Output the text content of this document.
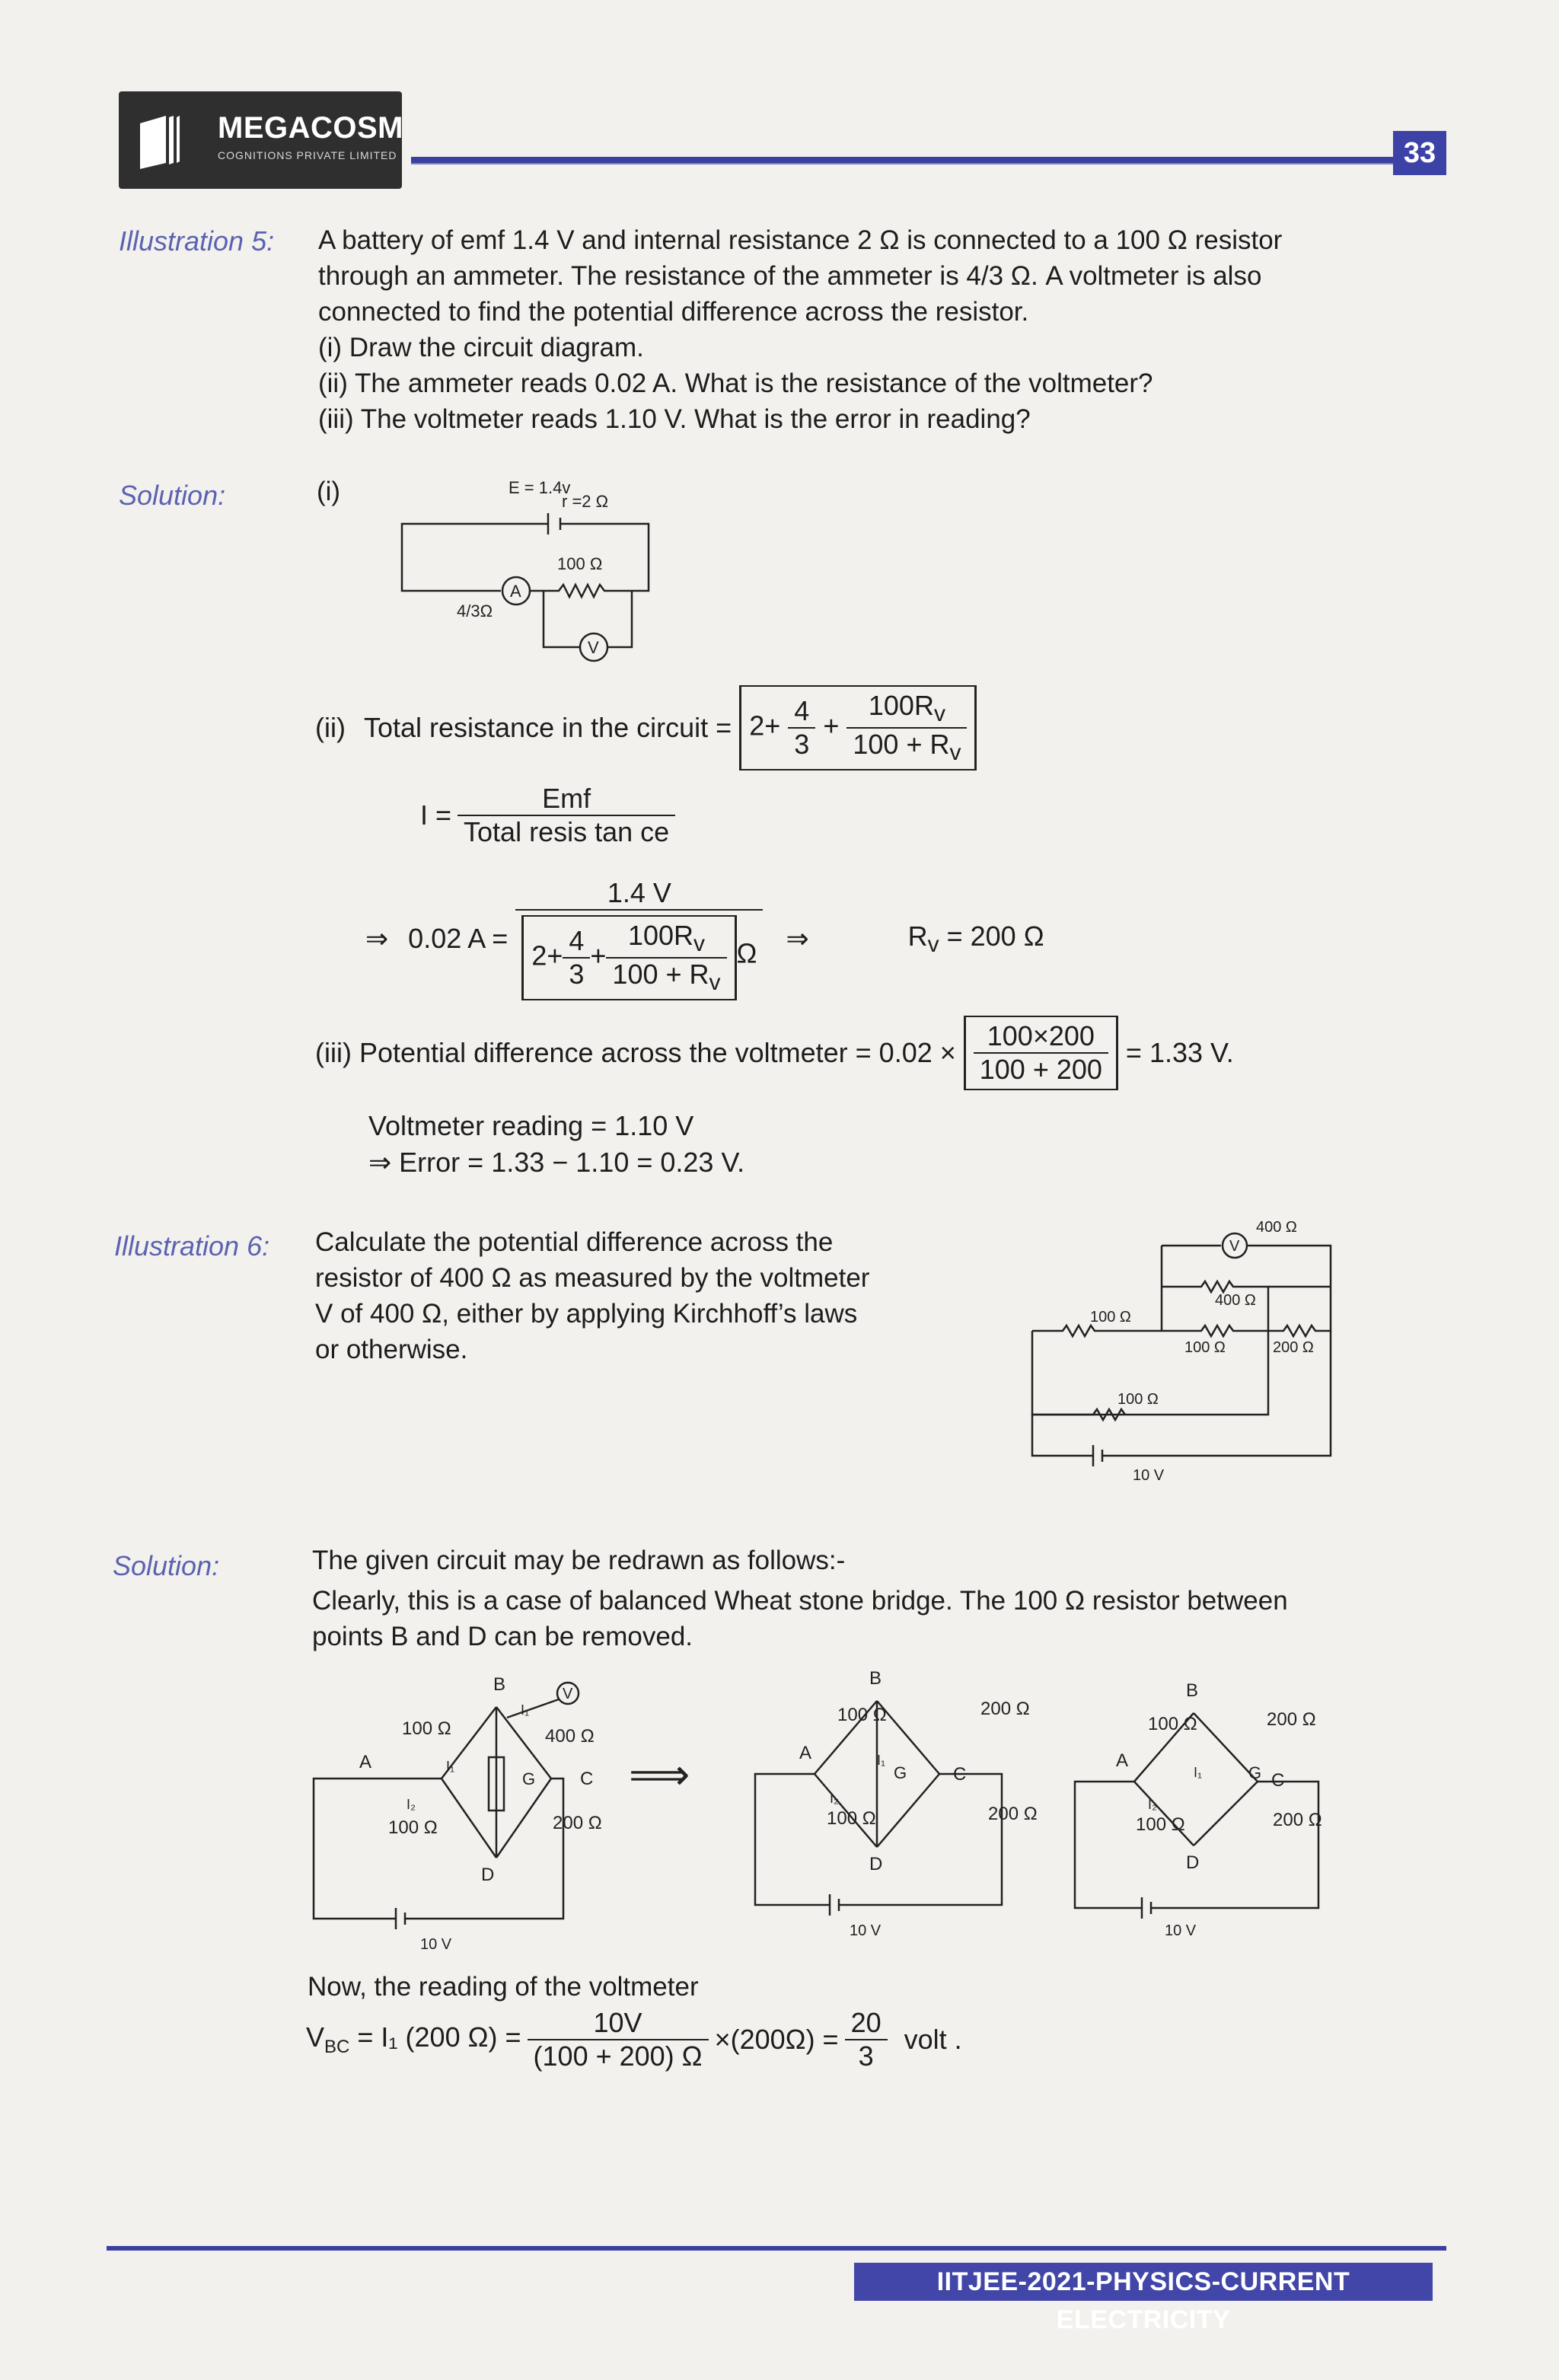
MEGACOSM
COGNITIONS PRIVATE LIMITED	33
Illustration 5: A battery of emf 1.4 V and internal resistance 2 Ω is connected to a 100 Ω resistor
through an ammeter. The resistance of the ammeter is 4/3 Ω. A voltmeter is also
connected to find the potential difference across the resistor.
(i) Draw the circuit diagram.
(ii) The ammeter reads 0.02 A. What is the resistance of the voltmeter?
(iii) The voltmeter reads 1.10 V. What is the error in reading?
Solution:	(i)	E = 1.4v
r =2 Ω
A
V
100 Ω
4/3Ω
(ii) Total resistance in the circuit = $2+ \frac{4}{3} + \frac{100R_v}{100 + R_v}$
$I = \frac{\text{Emf}}{\text{Total resis tan ce}}$
⇒ 0.02 $A = \frac{1.4 V}{2+ \frac{4}{3} + \frac{100R_v}{100 + R_v} \Omega}$ ⇒	$R_v = 200$ Ω
(iii) Potential difference across the voltmeter = $0.02 \times \frac{100\times 200}{100 + 200} = 1.33$ V.
Voltmeter reading = 1.10 V
⇒ Error = 1.33 − 1.10 = 0.23 V.
Illustration 6: Calculate the potential difference across the
resistor of 400 Ω as measured by the voltmeter
V of 400 Ω, either by applying Kirchhoff’s laws
or otherwise.
400 Ω
V
400 Ω
100 Ω
100 Ω	200 Ω
100 Ω
10 V
Solution:	The given circuit may be redrawn as follows:-
Clearly, this is a case of balanced Wheat stone bridge. The 100 Ω resistor between
points B and D can be removed.
B
A
C
D
G
V
100 Ω	400 Ω
100 Ω	200 Ω
I₁
I₁
I₂
10 V
⟹
B
A
C
D
G
100 Ω	200 Ω
100 Ω	200 Ω
I₁
I₂
10 V
B
A
C
D
G
100 Ω	200 Ω
100 Ω	200 Ω
I₁
I₂
10 V
Now, the reading of the voltmeter
$V_{BC} = I_1$ (200 $\Omega) = \frac{10V}{(100 + 200) \Omega} \times(200\Omega) = \frac{20}{3}$ volt .
IITJEE-2021-PHYSICS-CURRENT ELECTRICITY
